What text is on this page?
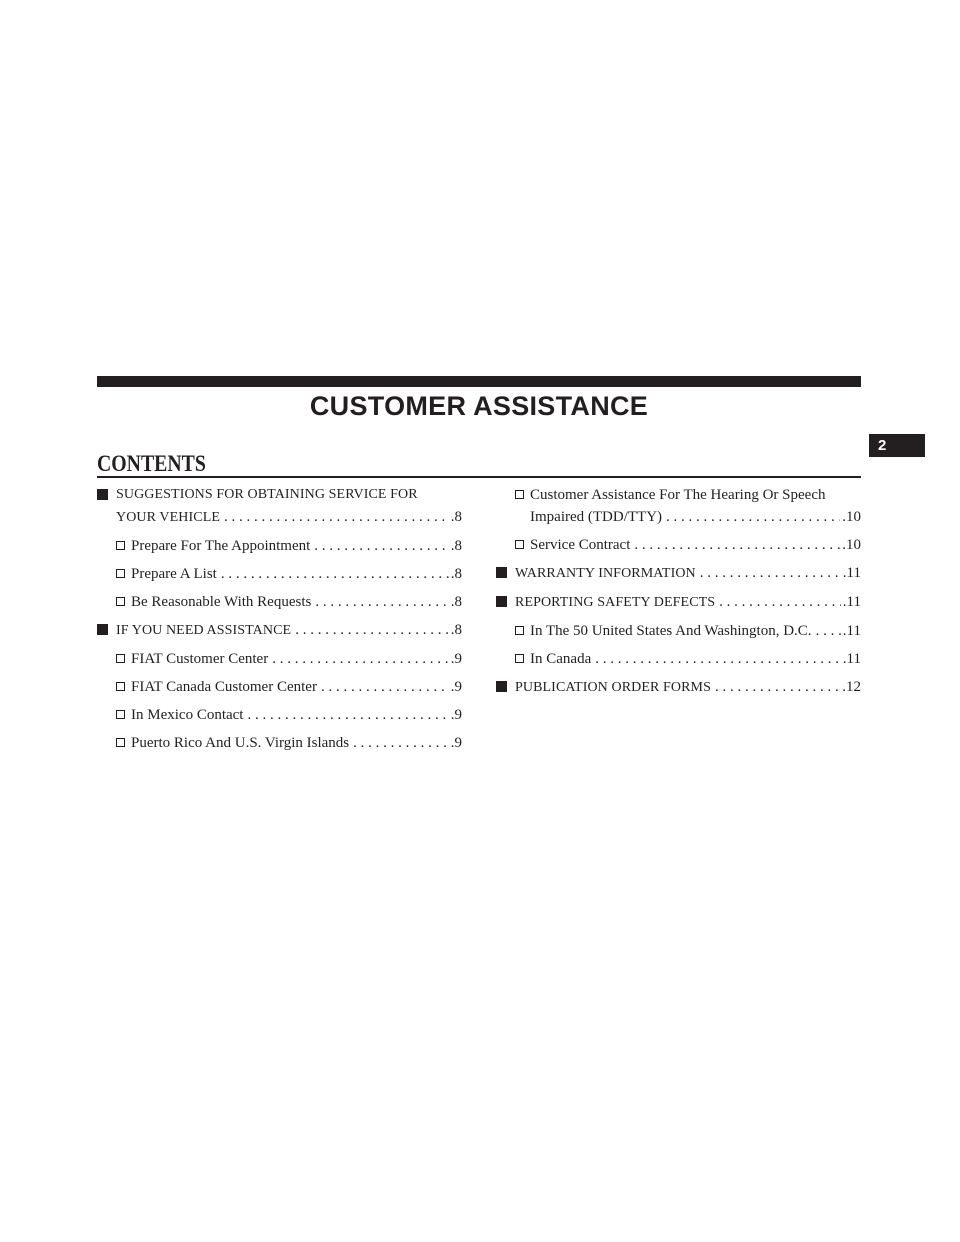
CUSTOMER ASSISTANCE
CONTENTS
2
SUGGESTIONS FOR OBTAINING SERVICE FOR
YOUR VEHICLE . . .	.8
Prepare For The Appointment . . .	.8
Prepare A List . . .	.8
Be Reasonable With Requests . . .	.8
IF YOU NEED ASSISTANCE . . .	.8
FIAT Customer Center . . .	.9
FIAT Canada Customer Center . . .	.9
In Mexico Contact . . .	.9
Puerto Rico And U.S. Virgin Islands . . .	.9
Customer Assistance For The Hearing Or Speech
Impaired (TDD/TTY) . . .	.10
Service Contract . . .	.10
WARRANTY INFORMATION . . .	.11
REPORTING SAFETY DEFECTS . . .	.11
In The 50 United States And Washington, D.C. . . . .11
In Canada . . .	.11
PUBLICATION ORDER FORMS . . .	.12
